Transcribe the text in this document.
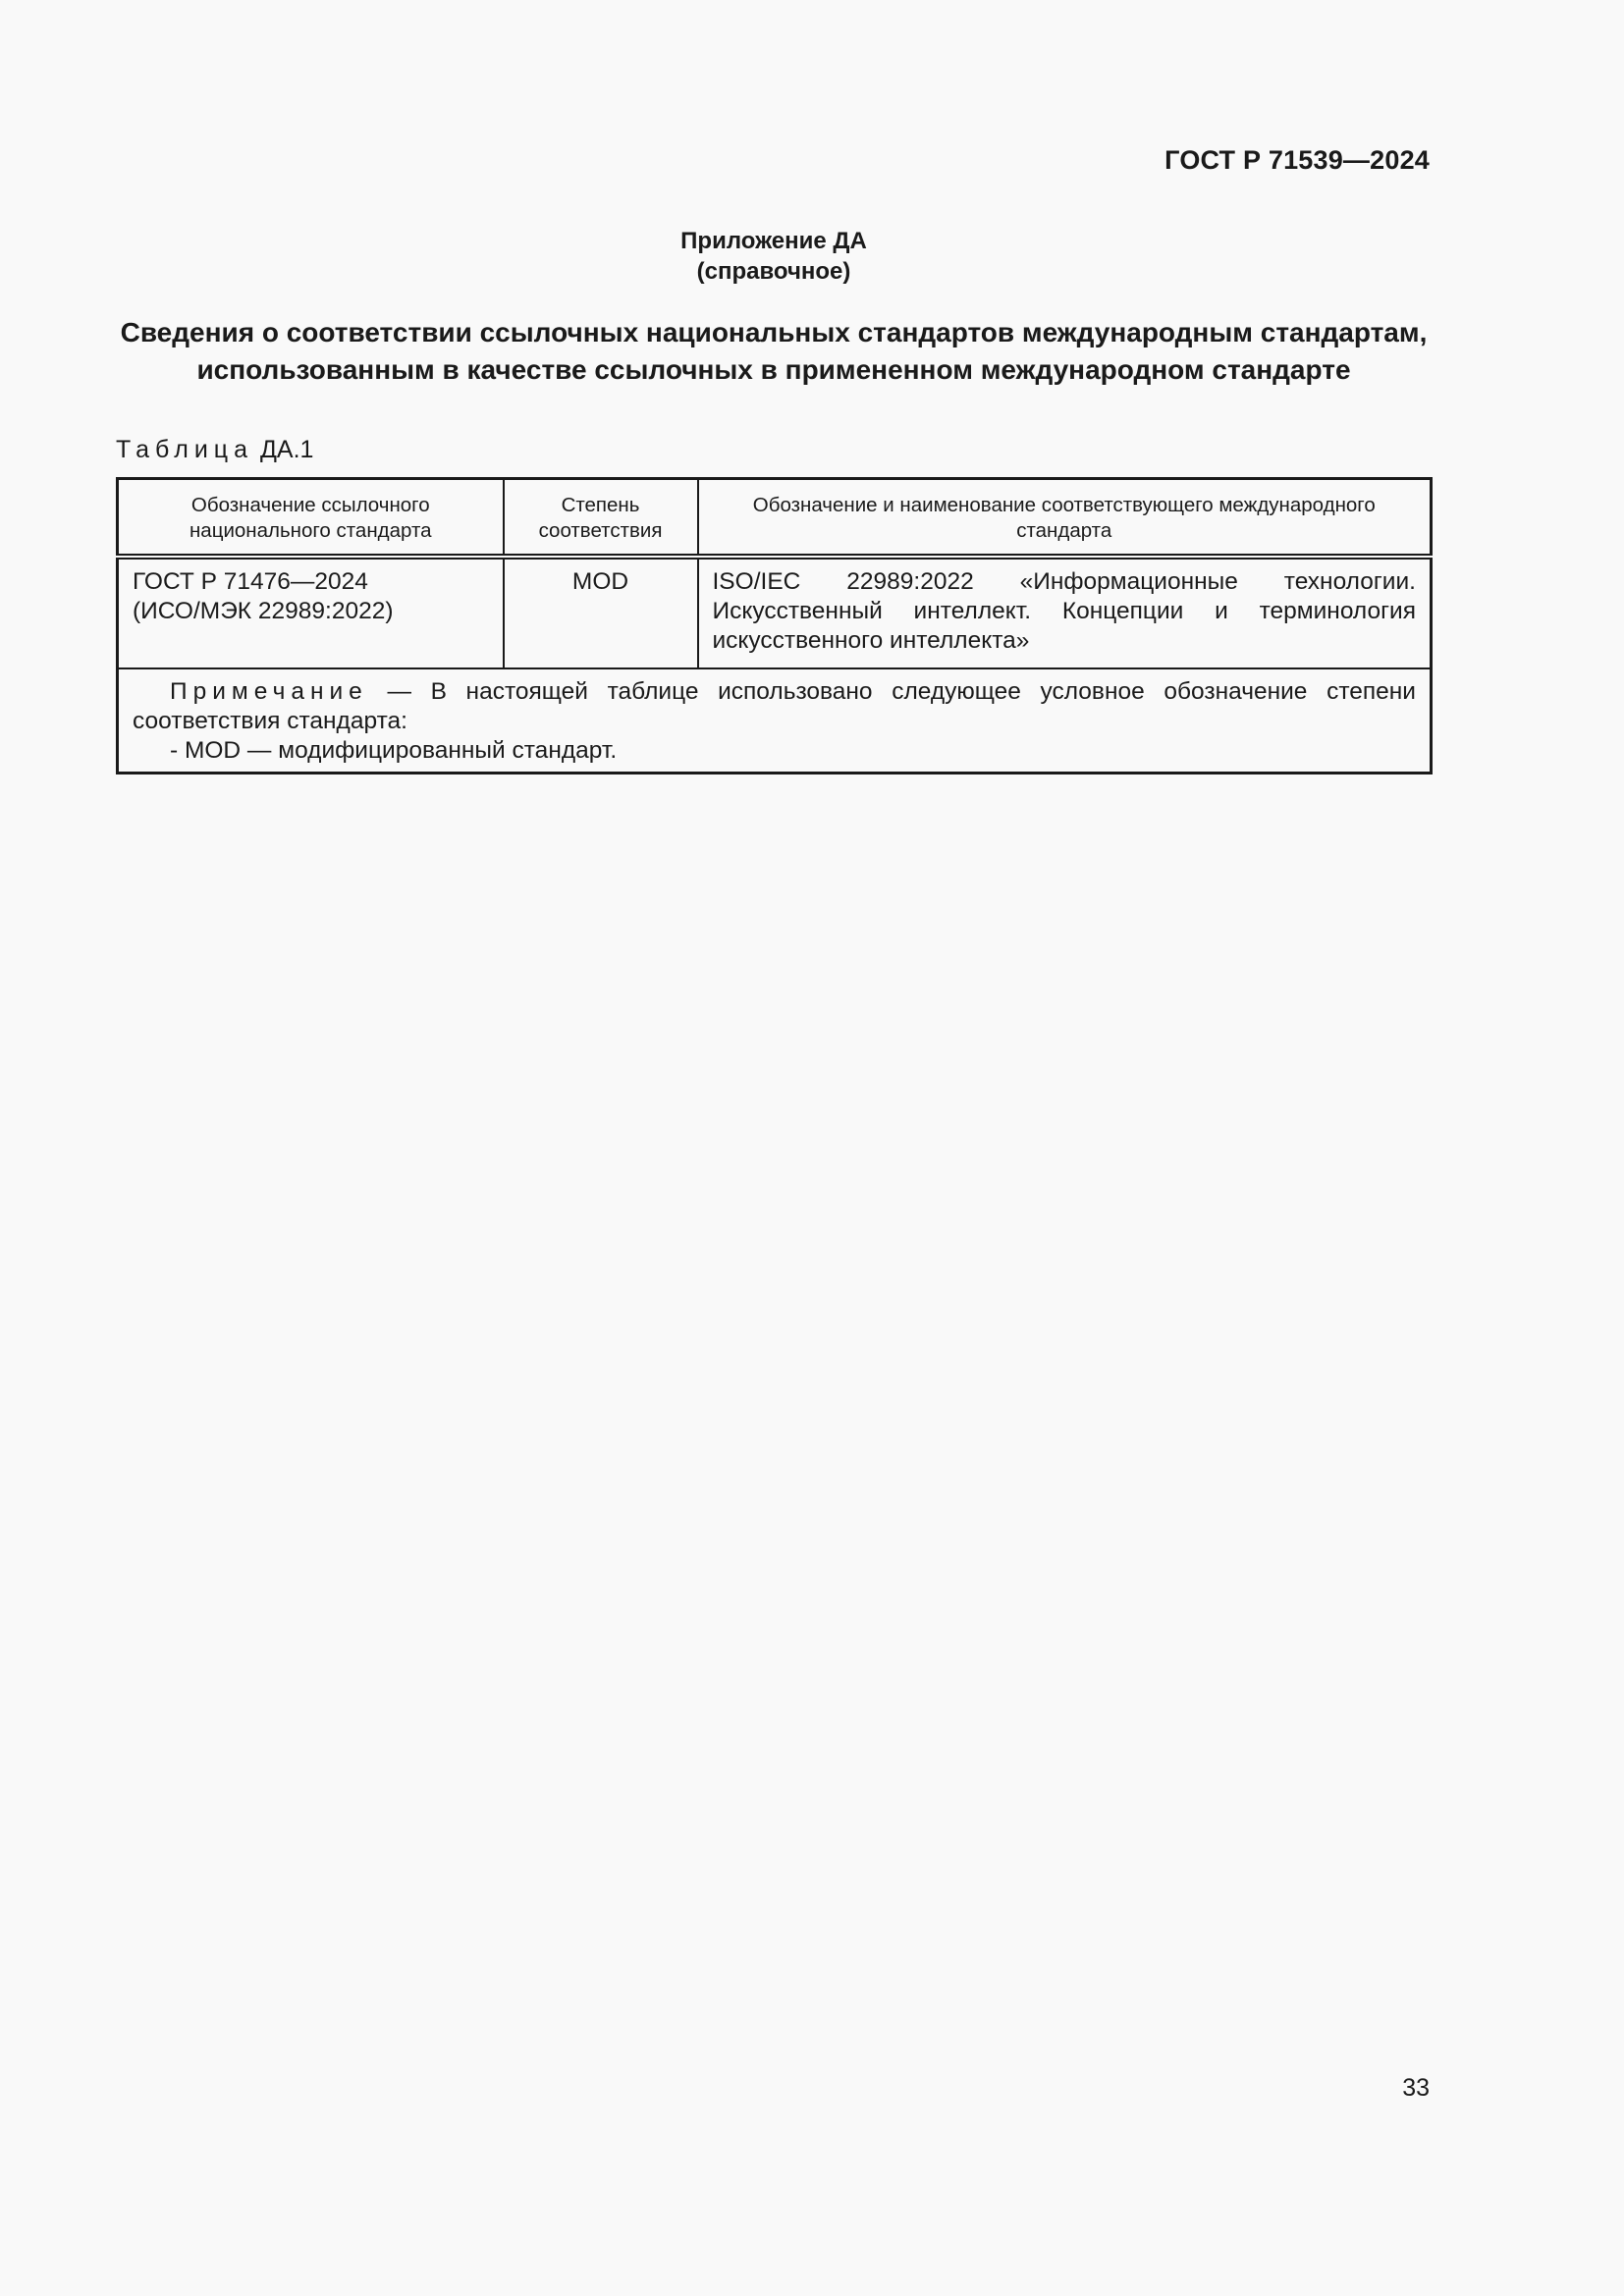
ГОСТ Р 71539—2024
Приложение ДА
(справочное)
Сведения о соответствии ссылочных национальных стандартов международным стандартам,
использованным в качестве ссылочных в примененном международном стандарте
Таблица ДА.1
Обозначение ссылочного национального стандарта	Степень соответствия	Обозначение и наименование соответствующего международного стандарта

ГОСТ Р 71476—2024
(ИСО/МЭК 22989:2022)	MOD	ISO/IEC 22989:2022 «Информационные технологии. Искусственный интеллект. Концепции и терминология искусственного интеллекта»

Примечание — В настоящей таблице использовано следующее условное обозначение степени соответствия стандарта:

- MOD — модифицированный стандарт.		

33
